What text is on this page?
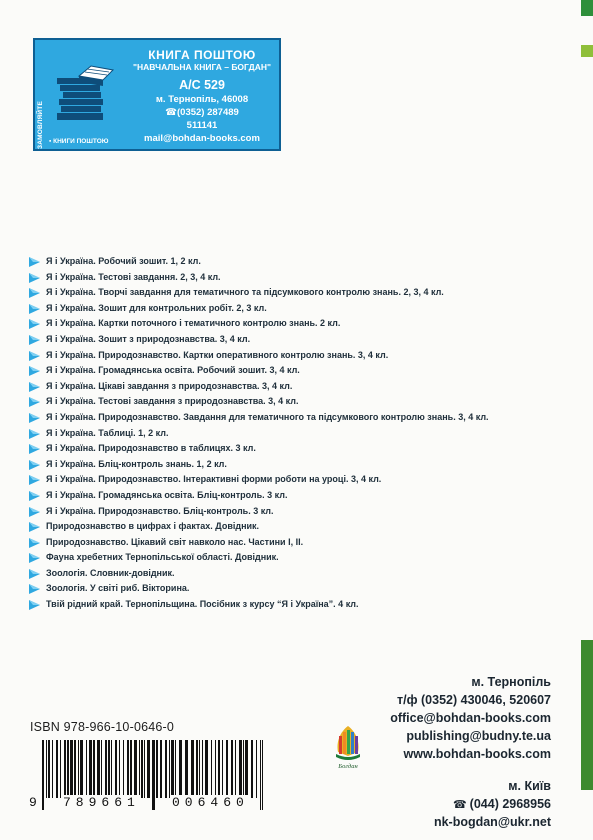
ЗАМОВЛЯЙТЕ ▪ КНИГИ ПОШТОЮ
КНИГА ПОШТОЮ
"НАВЧАЛЬНА КНИГА – БОГДАН"
А/С 529
м. Тернопіль, 46008
☎(0352) 287489
511141
mail@bohdan-books.com
Я і Україна. Робочий зошит. 1, 2 кл.
Я і Україна. Тестові завдання. 2, 3, 4 кл.
Я і Україна. Творчі завдання для тематичного та підсумкового контролю знань. 2, 3, 4 кл.
Я і Україна. Зошит для контрольних робіт. 2, 3 кл.
Я і Україна. Картки поточного і тематичного контролю знань. 2 кл.
Я і Україна. Зошит з природознавства. 3, 4 кл.
Я і Україна. Природознавство. Картки оперативного контролю знань. 3, 4 кл.
Я і Україна. Громадянська освіта. Робочий зошит. 3, 4 кл.
Я і Україна. Цікаві завдання з природознавства. 3, 4 кл.
Я і Україна. Тестові завдання з природознавства. 3, 4 кл.
Я і Україна. Природознавство. Завдання для тематичного та підсумкового контролю знань. 3, 4 кл.
Я і Україна. Таблиці. 1, 2 кл.
Я і Україна. Природознавство в таблицях. 3 кл.
Я і Україна. Бліц-контроль знань. 1, 2 кл.
Я і Україна. Природознавство. Інтерактивні форми роботи на уроці. 3, 4 кл.
Я і Україна. Громадянська освіта. Бліц-контроль. 3 кл.
Я і Україна. Природознавство. Бліц-контроль. 3 кл.
Природознавство в цифрах і фактах. Довідник.
Природознавство. Цікавий світ навколо нас. Частини I, II.
Фауна хребетних Тернопільської області. Довідник.
Зоологія. Словник-довідник.
Зоологія. У світі риб. Вікторина.
Твій рідний край. Тернопільщина. Посібник з курсу “Я і Україна”. 4 кл.
м. Тернопіль
т/ф (0352) 430046, 520607
office@bohdan-books.com
publishing@budny.te.ua
www.bohdan-books.com
м. Київ
☎ (044) 2968956
nk-bogdan@ukr.net
Богдан
ISBN 978-966-10-0646-0
9 789661 006460
